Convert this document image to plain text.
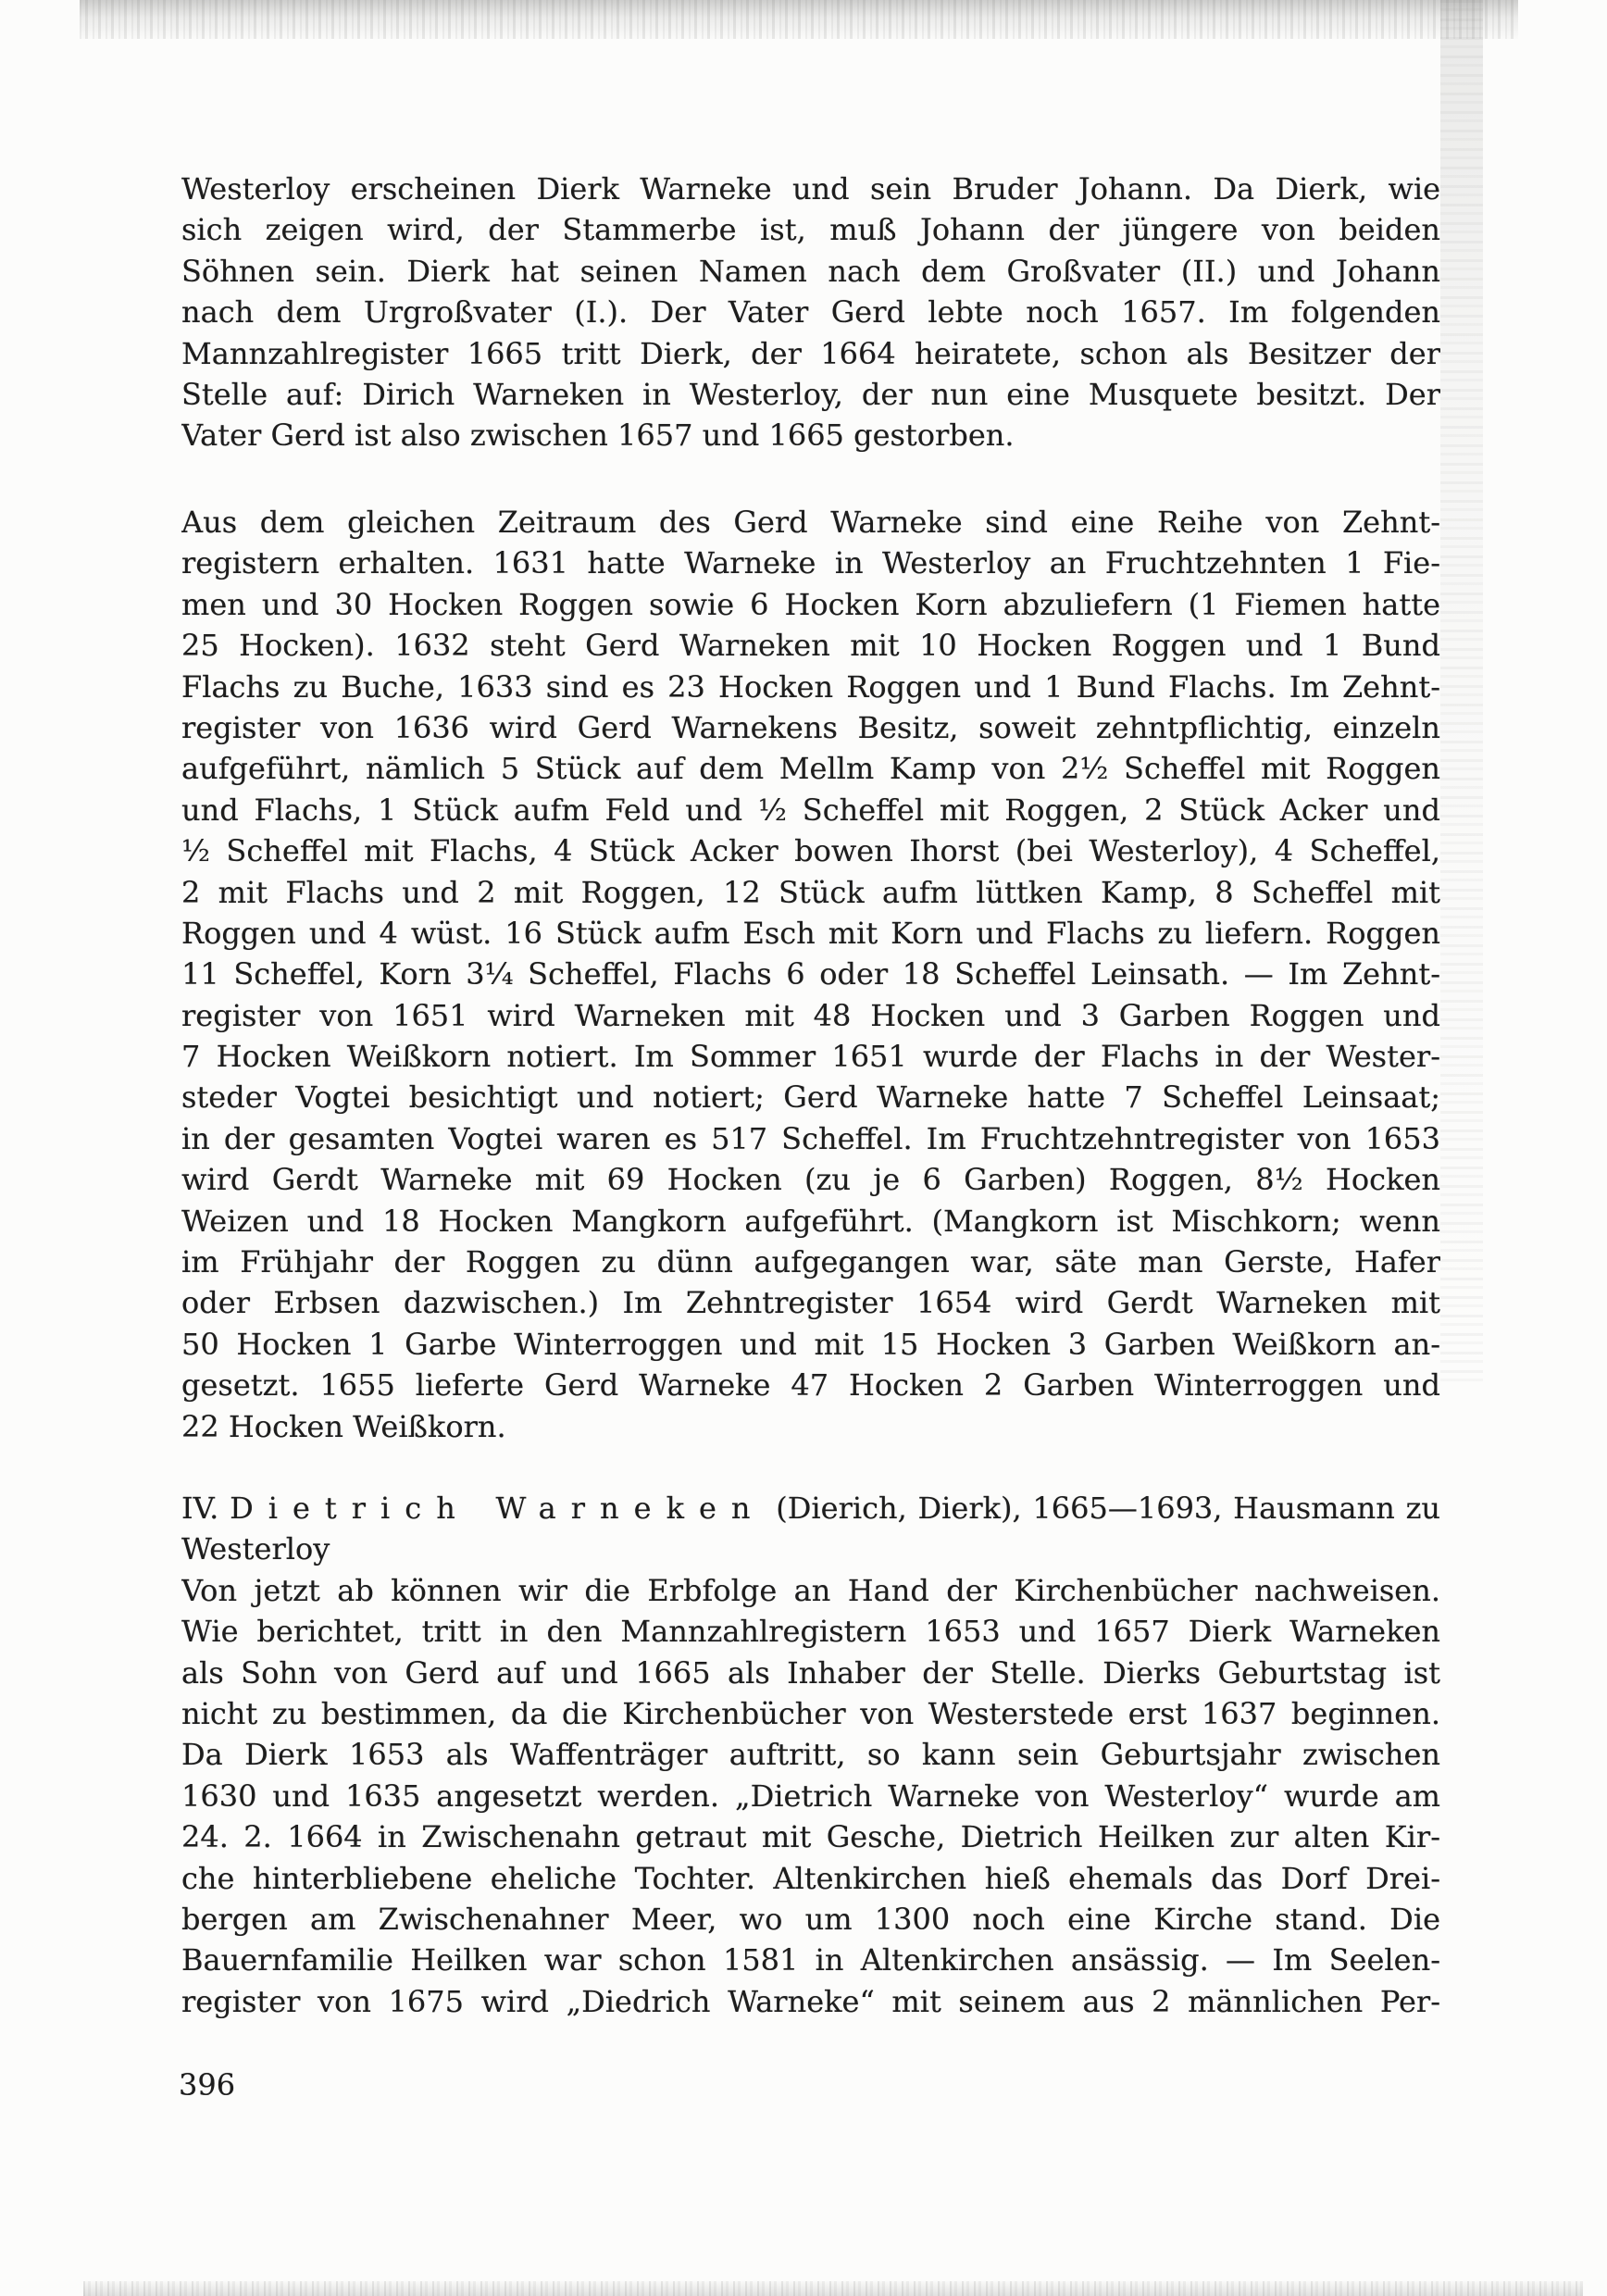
Westerloy erscheinen Dierk Warneke und sein Bruder Johann. Da Dierk, wie
sich zeigen wird, der Stammerbe ist, muß Johann der jüngere von beiden
Söhnen sein. Dierk hat seinen Namen nach dem Großvater (II.) und Johann
nach dem Urgroßvater (I.). Der Vater Gerd lebte noch 1657. Im folgenden
Mannzahlregister 1665 tritt Dierk, der 1664 heiratete, schon als Besitzer der
Stelle auf: Dirich Warneken in Westerloy, der nun eine Musquete besitzt. Der
Vater Gerd ist also zwischen 1657 und 1665 gestorben.
Aus dem gleichen Zeitraum des Gerd Warneke sind eine Reihe von Zehnt-
registern erhalten. 1631 hatte Warneke in Westerloy an Fruchtzehnten 1 Fie-
men und 30 Hocken Roggen sowie 6 Hocken Korn abzuliefern (1 Fiemen hatte
25 Hocken). 1632 steht Gerd Warneken mit 10 Hocken Roggen und 1 Bund
Flachs zu Buche, 1633 sind es 23 Hocken Roggen und 1 Bund Flachs. Im Zehnt-
register von 1636 wird Gerd Warnekens Besitz, soweit zehntpflichtig, einzeln
aufgeführt, nämlich 5 Stück auf dem Mellm Kamp von 2¹⁄₂ Scheffel mit Roggen
und Flachs, 1 Stück aufm Feld und ¹⁄₂ Scheffel mit Roggen, 2 Stück Acker und
¹⁄₂ Scheffel mit Flachs, 4 Stück Acker bowen Ihorst (bei Westerloy), 4 Scheffel,
2 mit Flachs und 2 mit Roggen, 12 Stück aufm lüttken Kamp, 8 Scheffel mit
Roggen und 4 wüst. 16 Stück aufm Esch mit Korn und Flachs zu liefern. Roggen
11 Scheffel, Korn 3¹⁄₄ Scheffel, Flachs 6 oder 18 Scheffel Leinsath. — Im Zehnt-
register von 1651 wird Warneken mit 48 Hocken und 3 Garben Roggen und
7 Hocken Weißkorn notiert. Im Sommer 1651 wurde der Flachs in der Wester-
steder Vogtei besichtigt und notiert; Gerd Warneke hatte 7 Scheffel Leinsaat;
in der gesamten Vogtei waren es 517 Scheffel. Im Fruchtzehntregister von 1653
wird Gerdt Warneke mit 69 Hocken (zu je 6 Garben) Roggen, 8¹⁄₂ Hocken
Weizen und 18 Hocken Mangkorn aufgeführt. (Mangkorn ist Mischkorn; wenn
im Frühjahr der Roggen zu dünn aufgegangen war, säte man Gerste, Hafer
oder Erbsen dazwischen.) Im Zehntregister 1654 wird Gerdt Warneken mit
50 Hocken 1 Garbe Winterroggen und mit 15 Hocken 3 Garben Weißkorn an-
gesetzt. 1655 lieferte Gerd Warneke 47 Hocken 2 Garben Winterroggen und
22 Hocken Weißkorn.
IV. Dietrich Warneken (Dierich, Dierk), 1665—1693, Hausmann zu
Westerloy
Von jetzt ab können wir die Erbfolge an Hand der Kirchenbücher nachweisen.
Wie berichtet, tritt in den Mannzahlregistern 1653 und 1657 Dierk Warneken
als Sohn von Gerd auf und 1665 als Inhaber der Stelle. Dierks Geburtstag ist
nicht zu bestimmen, da die Kirchenbücher von Westerstede erst 1637 beginnen.
Da Dierk 1653 als Waffenträger auftritt, so kann sein Geburtsjahr zwischen
1630 und 1635 angesetzt werden. „Dietrich Warneke von Westerloy“ wurde am
24. 2. 1664 in Zwischenahn getraut mit Gesche, Dietrich Heilken zur alten Kir-
che hinterbliebene eheliche Tochter. Altenkirchen hieß ehemals das Dorf Drei-
bergen am Zwischenahner Meer, wo um 1300 noch eine Kirche stand. Die
Bauernfamilie Heilken war schon 1581 in Altenkirchen ansässig. — Im Seelen-
register von 1675 wird „Diedrich Warneke“ mit seinem aus 2 männlichen Per-
396
